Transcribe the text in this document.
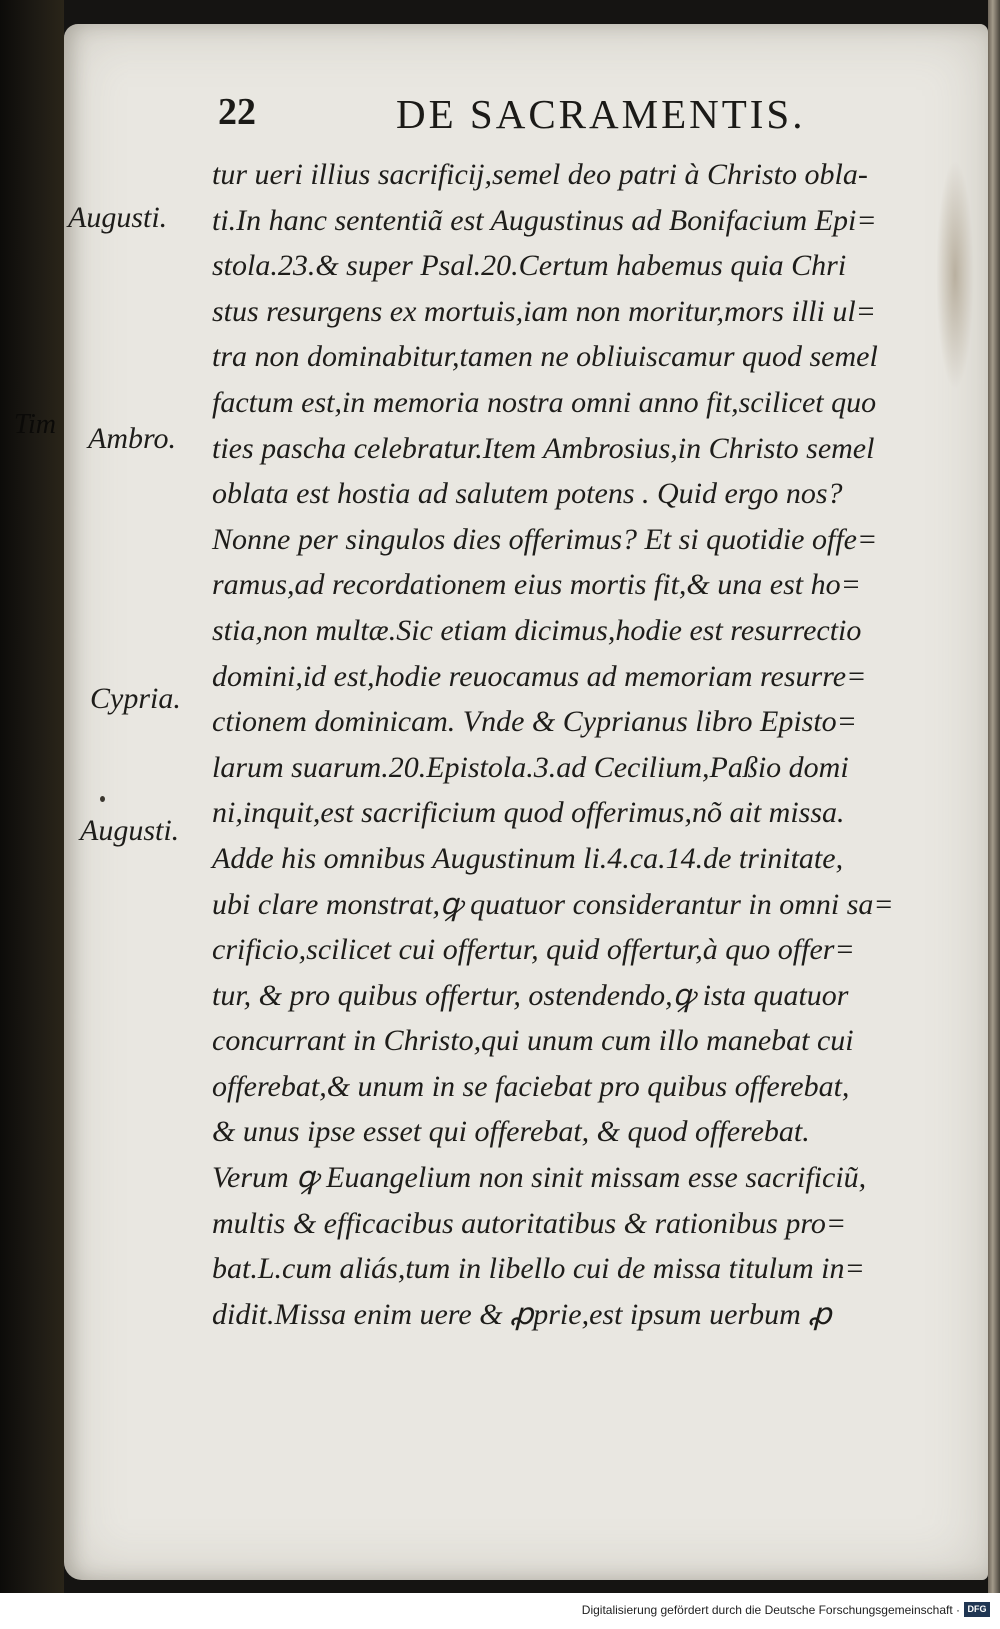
Tim
22	DE SACRAMENTIS.
Augusti.
Ambro.
Cypria.
Augusti.
tur ueri illius sacrificij,semel deo patri à Christo obla-
ti.In hanc sententiã est Augustinus ad Bonifacium Epi=
stola.23.& super Psal.20.Certum habemus quia Chri
stus resurgens ex mortuis,iam non moritur,mors illi ul=
tra non dominabitur,tamen ne obliuiscamur quod semel
factum est,in memoria nostra omni anno fit,scilicet quo
ties pascha celebratur.Item Ambrosius,in Christo semel
oblata est hostia ad salutem potens . Quid ergo nos?
Nonne per singulos dies offerimus? Et si quotidie offe=
ramus,ad recordationem eius mortis fit,& una est ho=
stia,non multæ.Sic etiam dicimus,hodie est resurrectio
domini,id est,hodie reuocamus ad memoriam resurre=
ctionem dominicam. Vnde & Cyprianus libro Episto=
larum suarum.20.Epistola.3.ad Cecilium,Paßio domi
ni,inquit,est sacrificium quod offerimus,nõ ait missa.
Adde his omnibus Augustinum li.4.ca.14.de trinitate,
ubi clare monstrat,ꝙ quatuor considerantur in omni sa=
crificio,scilicet cui offertur, quid offertur,à quo offer=
tur, & pro quibus offertur, ostendendo,ꝙ ista quatuor
concurrant in Christo,qui unum cum illo manebat cui
offerebat,& unum in se faciebat pro quibus offerebat,
& unus ipse esset qui offerebat, & quod offerebat.
Verum ꝙ Euangelium non sinit missam esse sacrificiũ,
multis & efficacibus autoritatibus & rationibus pro=
bat.L.cum aliás,tum in libello cui de missa titulum in=
didit.Missa enim uere & ꝓprie,est ipsum uerbum ꝓ
Digitalisierung gefördert durch die Deutsche Forschungsgemeinschaft · DFG
